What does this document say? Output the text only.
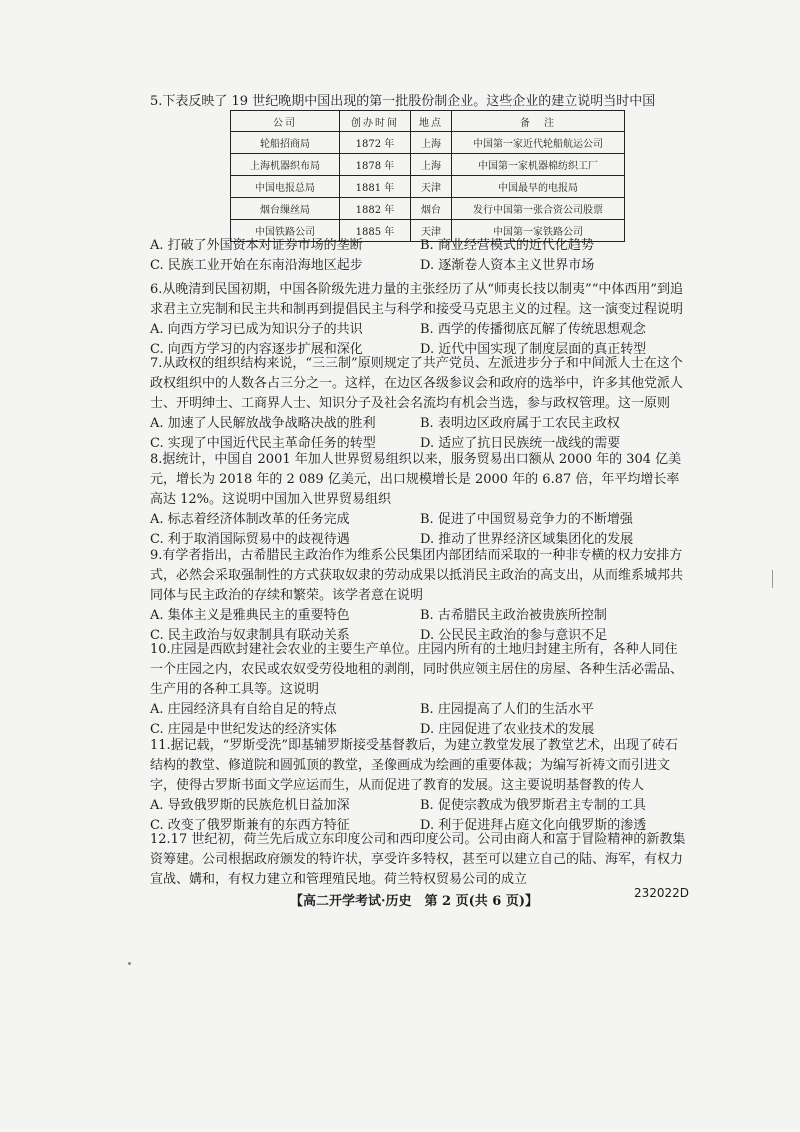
5.下表反映了 19 世纪晚期中国出现的第一批股份制企业。这些企业的建立说明当时中国

公司	创办时间	地点	备　注
轮船招商局	1872 年	上海	中国第一家近代轮船航运公司
上海机器织布局	1878 年	上海	中国第一家机器棉纺织工厂
中国电报总局	1881 年	天津	中国最早的电报局
烟台缫丝局	1882 年	烟台	发行中国第一张合资公司股票
中国铁路公司	1885 年	天津	中国第一家铁路公司
A. 打破了外国资本对证券市场的垄断	B. 商业经营模式的近代化趋势
C. 民族工业开始在东南沿海地区起步	D. 逐渐卷人资本主义世界市场

6.从晚清到民国初期，中国各阶级先进力量的主张经历了从“师夷长技以制夷”“中体西用”到追求君主立宪制和民主共和制再到提倡民主与科学和接受马克思主义的过程。这一演变过程说明

A. 向西方学习已成为知识分子的共识	B. 西学的传播彻底瓦解了传统思想观念
C. 向西方学习的内容逐步扩展和深化	D. 近代中国实现了制度层面的真正转型

7.从政权的组织结构来说，“三三制”原则规定了共产党员、左派进步分子和中间派人士在这个政权组织中的人数各占三分之一。这样，在边区各级参议会和政府的选举中，许多其他党派人士、开明绅士、工商界人士、知识分子及社会名流均有机会当选，参与政权管理。这一原则

A. 加速了人民解放战争战略决战的胜利	B. 表明边区政府属于工农民主政权
C. 实现了中国近代民主革命任务的转型	D. 适应了抗日民族统一战线的需要

8.据统计，中国自 2001 年加人世界贸易组织以来，服务贸易出口额从 2000 年的 304 亿美元，增长为 2018 年的 2 089 亿美元，出口规模增长是 2000 年的 6.87 倍，年平均增长率高达 12%。这说明中国加入世界贸易组织

A. 标志着经济体制改革的任务完成	B. 促进了中国贸易竞争力的不断增强
C. 利于取消国际贸易中的歧视待遇	D. 推动了世界经济区域集团化的发展

9.有学者指出，古希腊民主政治作为维系公民集团内部团结而采取的一种非专横的权力安排方式，必然会采取强制性的方式获取奴隶的劳动成果以抵消民主政治的高支出，从而维系城邦共同体与民主政治的存续和繁荣。该学者意在说明

A. 集体主义是雅典民主的重要特色	B. 古希腊民主政治被贵族所控制
C. 民主政治与奴隶制具有联动关系	D. 公民民主政治的参与意识不足

10.庄园是西欧封建社会农业的主要生产单位。庄园内所有的土地归封建主所有，各种人同住一个庄园之内，农民或农奴受劳役地租的剥削，同时供应领主居住的房屋、各种生活必需品、生产用的各种工具等。这说明

A. 庄园经济具有自给自足的特点	B. 庄园提高了人们的生活水平
C. 庄园是中世纪发达的经济实体	D. 庄园促进了农业技术的发展

11.据记载，“罗斯受洗”即基辅罗斯接受基督教后，为建立教堂发展了教堂艺术，出现了砖石结构的教堂、修道院和圆弧顶的教堂，圣像画成为绘画的重要体裁；为编写祈祷文而引进文字，使得古罗斯书面文学应运而生，从而促进了教育的发展。这主要说明基督教的传人

A. 导致俄罗斯的民族危机日益加深	B. 促使宗教成为俄罗斯君主专制的工具
C. 改变了俄罗斯兼有的东西方特征	D. 利于促进拜占庭文化向俄罗斯的渗透

12.17 世纪初，荷兰先后成立东印度公司和西印度公司。公司由商人和富于冒险精神的新教集资筹建。公司根据政府颁发的特许状，享受许多特权，甚至可以建立自己的陆、海军，有权力宣战、媾和，有权力建立和管理殖民地。荷兰特权贸易公司的成立

【高二开学考试·历史　第 2 页(共 6 页)】
232022D
